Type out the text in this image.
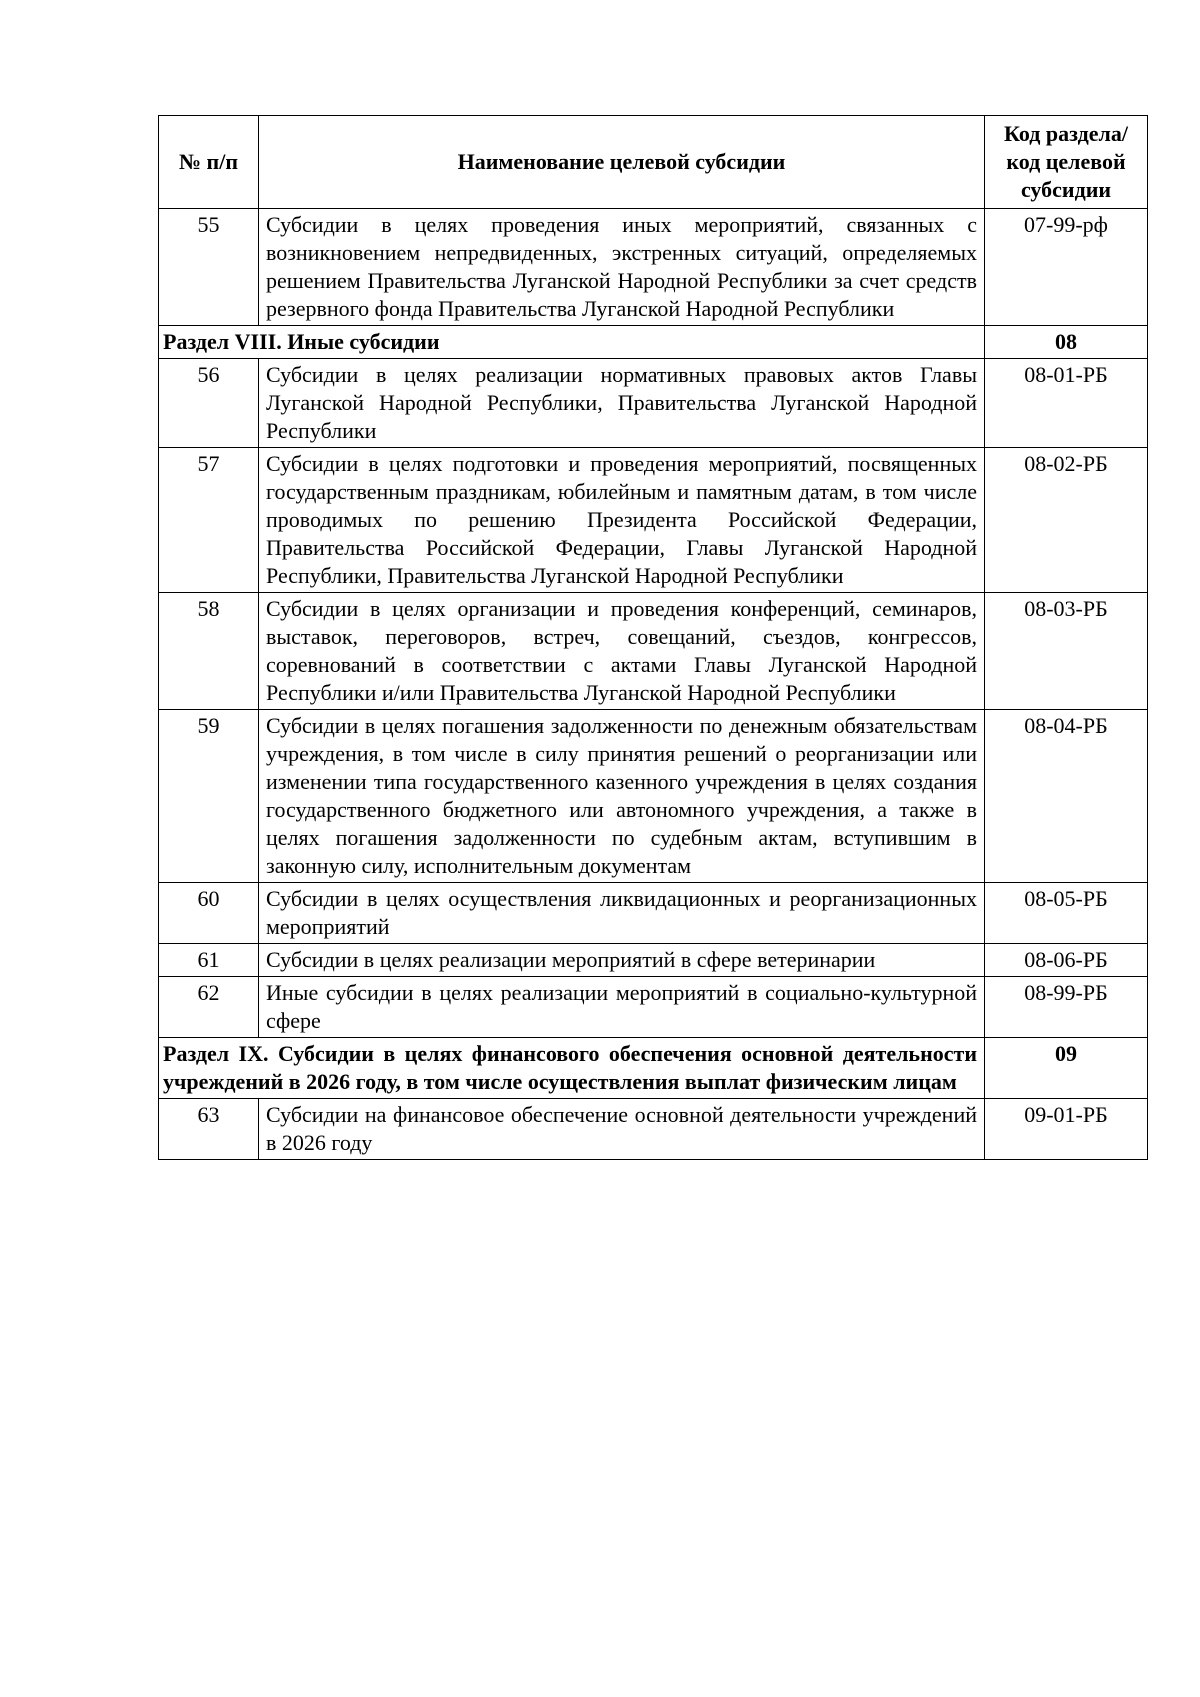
№ п/п	Наименование целевой субсидии	Код раздела/ код целевой субсидии
55	Субсидии в целях проведения иных мероприятий, связанных с возникновением непредвиденных, экстренных ситуаций, определяемых решением Правительства Луганской Народной Республики за счет средств резервного фонда Правительства Луганской Народной Республики	07-99-рф
Раздел VIII. Иные субсидии		08
56	Субсидии в целях реализации нормативных правовых актов Главы Луганской Народной Республики, Правительства Луганской Народной Республики	08-01-РБ
57	Субсидии в целях подготовки и проведения мероприятий, посвященных государственным праздникам, юбилейным и памятным датам, в том числе проводимых по решению Президента Российской Федерации, Правительства Российской Федерации, Главы Луганской Народной Республики, Правительства Луганской Народной Республики	08-02-РБ
58	Субсидии в целях организации и проведения конференций, семинаров, выставок, переговоров, встреч, совещаний, съездов, конгрессов, соревнований в соответствии с актами Главы Луганской Народной Республики и/или Правительства Луганской Народной Республики	08-03-РБ
59	Субсидии в целях погашения задолженности по денежным обязательствам учреждения, в том числе в силу принятия решений о реорганизации или изменении типа государственного казенного учреждения в целях создания государственного бюджетного или автономного учреждения, а также в целях погашения задолженности по судебным актам, вступившим в законную силу, исполнительным документам	08-04-РБ
60	Субсидии в целях осуществления ликвидационных и реорганизационных мероприятий	08-05-РБ
61	Субсидии в целях реализации мероприятий в сфере ветеринарии	08-06-РБ
62	Иные субсидии в целях реализации мероприятий в социально-культурной сфере	08-99-РБ
Раздел IX. Субсидии в целях финансового обеспечения основной деятельности учреждений в 2026 году, в том числе осуществления выплат физическим лицам		09
63	Субсидии на финансовое обеспечение основной деятельности учреждений в 2026 году	09-01-РБ
